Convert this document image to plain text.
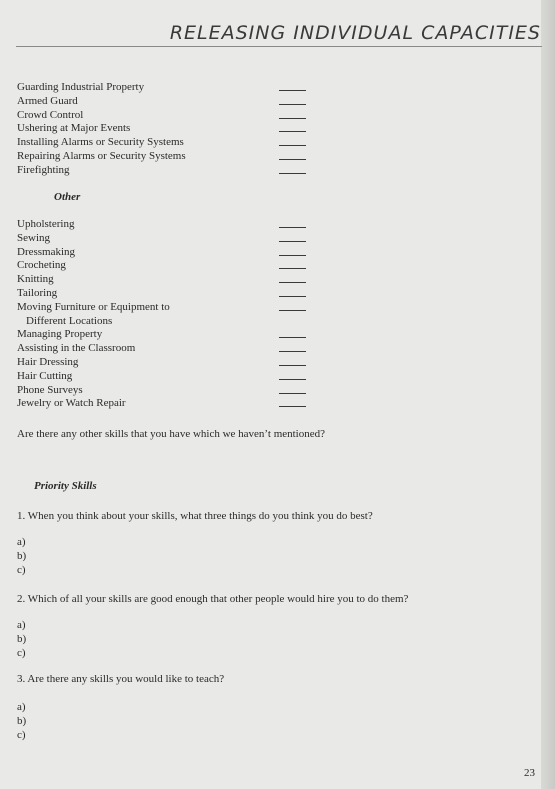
RELEASING INDIVIDUAL CAPACITIES
Guarding Industrial Property
Armed Guard
Crowd Control
Ushering at Major Events
Installing Alarms or Security Systems
Repairing Alarms or Security Systems
Firefighting
Other
Upholstering
Sewing
Dressmaking
Crocheting
Knitting
Tailoring
Moving Furniture or Equipment to
Different Locations
Managing Property
Assisting in the Classroom
Hair Dressing
Hair Cutting
Phone Surveys
Jewelry or Watch Repair
Are there any other skills that you have which we haven’t mentioned?
Priority Skills
1. When you think about your skills, what three things do you think you do best?
a)
b)
c)
2. Which of all your skills are good enough that other people would hire you to do them?
a)
b)
c)
3. Are there any skills you would like to teach?
a)
b)
c)
23
